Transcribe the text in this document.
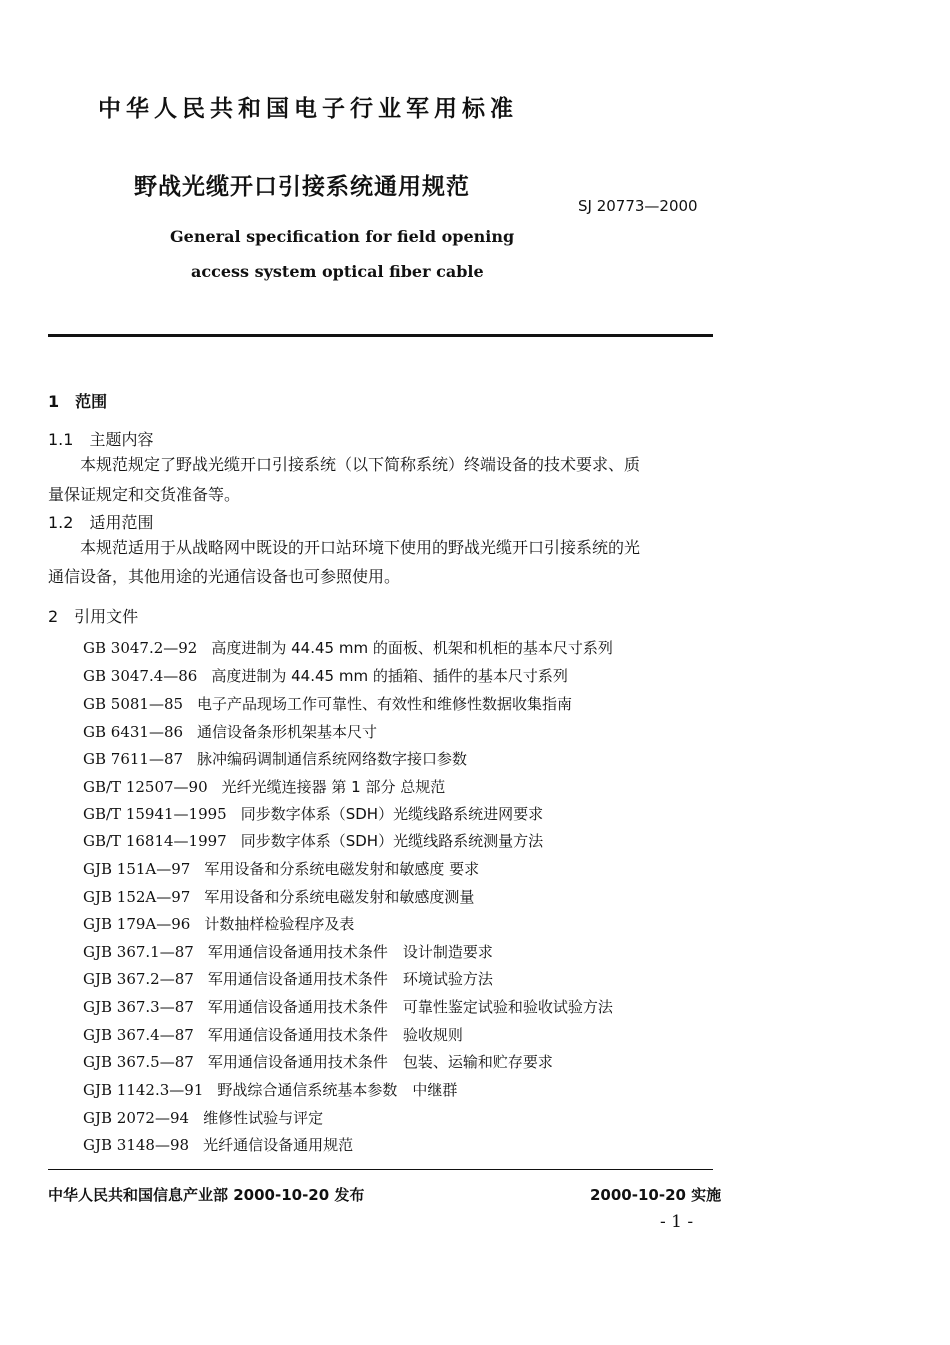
中华人民共和国电子行业军用标准
野战光缆开口引接系统通用规范
SJ 20773—2000
General specification for field opening
access system optical fiber cable
1　范围
1.1　主题内容
本规范规定了野战光缆开口引接系统（以下简称系统）终端设备的技术要求、质
量保证规定和交货准备等。
1.2　适用范围
本规范适用于从战略网中既设的开口站环境下使用的野战光缆开口引接系统的光
通信设备，其他用途的光通信设备也可参照使用。
2　引用文件
GB 3047.2—92 高度进制为 44.45 mm 的面板、机架和机柜的基本尺寸系列
GB 3047.4—86 高度进制为 44.45 mm 的插箱、插件的基本尺寸系列
GB 5081—85 电子产品现场工作可靠性、有效性和维修性数据收集指南
GB 6431—86 通信设备条形机架基本尺寸
GB 7611—87 脉冲编码调制通信系统网络数字接口参数
GB/T 12507—90 光纤光缆连接器 第 1 部分 总规范
GB/T 15941—1995 同步数字体系（SDH）光缆线路系统进网要求
GB/T 16814—1997 同步数字体系（SDH）光缆线路系统测量方法
GJB 151A—97 军用设备和分系统电磁发射和敏感度 要求
GJB 152A—97 军用设备和分系统电磁发射和敏感度测量
GJB 179A—96 计数抽样检验程序及表
GJB 367.1—87 军用通信设备通用技术条件　设计制造要求
GJB 367.2—87 军用通信设备通用技术条件　环境试验方法
GJB 367.3—87 军用通信设备通用技术条件　可靠性鉴定试验和验收试验方法
GJB 367.4—87 军用通信设备通用技术条件　验收规则
GJB 367.5—87 军用通信设备通用技术条件　包装、运输和贮存要求
GJB 1142.3—91 野战综合通信系统基本参数　中继群
GJB 2072—94 维修性试验与评定
GJB 3148—98 光纤通信设备通用规范
中华人民共和国信息产业部 2000-10-20 发布	2000-10-20 实施
- 1 -
